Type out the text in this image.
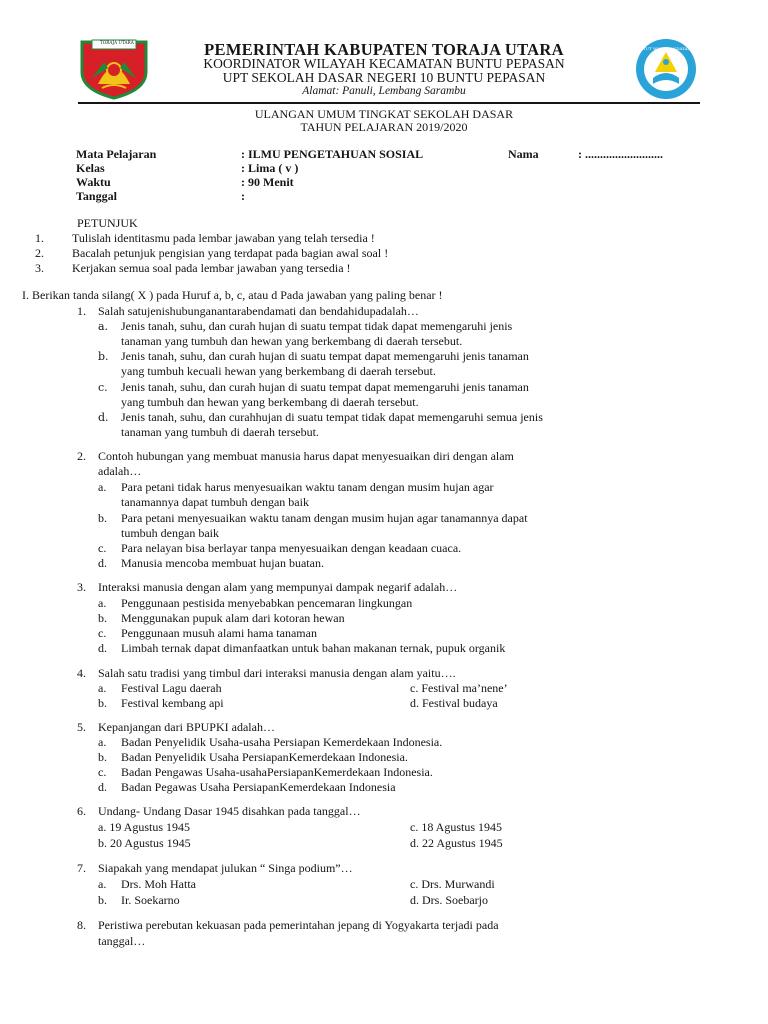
TORAJA UTARA
TUT WURI HANDAYANI
PEMERINTAH KABUPATEN TORAJA UTARA
KOORDINATOR WILAYAH KECAMATAN BUNTU PEPASAN
UPT SEKOLAH DASAR NEGERI 10 BUNTU PEPASAN
Alamat: Panuli, Lembang Sarambu
ULANGAN UMUM TINGKAT SEKOLAH DASAR
TAHUN PELAJARAN 2019/2020
Mata Pelajaran	: ILMU PENGETAHUAN SOSIAL	Nama	: ..........................
Kelas	: Lima ( v )
Waktu	: 90 Menit
Tanggal	:
PETUNJUK
1. Tulislah identitasmu pada lembar jawaban yang telah tersedia !
2. Bacalah petunjuk pengisian yang terdapat pada bagian awal soal !
3. Kerjakan semua soal pada lembar jawaban yang tersedia !
I. Berikan tanda silang( X ) pada Huruf a, b, c, atau d Pada jawaban yang paling benar !
1. Salah satujenishubunganantarabendamati dan bendahidupadalah…
a. Jenis tanah, suhu, dan curah hujan di suatu tempat tidak dapat memengaruhi jenis
tanaman yang tumbuh dan hewan yang berkembang di daerah tersebut.
b. Jenis tanah, suhu, dan curah hujan di suatu tempat dapat memengaruhi jenis tanaman
yang tumbuh kecuali hewan yang berkembang di daerah tersebut.
c. Jenis tanah, suhu, dan curah hujan di suatu tempat dapat memengaruhi jenis tanaman
yang tumbuh dan hewan yang berkembang di daerah tersebut.
d. Jenis tanah, suhu, dan curahhujan di suatu tempat tidak dapat memengaruhi semua jenis
tanaman yang tumbuh di daerah tersebut.
2. Contoh hubungan yang membuat manusia harus dapat menyesuaikan diri dengan alam
adalah…
a. Para petani tidak harus menyesuaikan waktu tanam dengan musim hujan agar
tanamannya dapat tumbuh dengan baik
b. Para petani menyesuaikan waktu tanam dengan musim hujan agar tanamannya dapat
tumbuh dengan baik
c. Para nelayan bisa berlayar tanpa menyesuaikan dengan keadaan cuaca.
d. Manusia mencoba membuat hujan buatan.
3. Interaksi manusia dengan alam yang mempunyai dampak negarif adalah…
a. Penggunaan pestisida menyebabkan pencemaran lingkungan
b. Menggunakan pupuk alam dari kotoran hewan
c. Penggunaan musuh alami hama tanaman
d. Limbah ternak dapat dimanfaatkan untuk bahan makanan ternak, pupuk organik
4. Salah satu tradisi yang timbul dari interaksi manusia dengan alam yaitu….
a. Festival Lagu daerah	c. Festival ma’nene’
b. Festival kembang api	d. Festival budaya
5. Kepanjangan dari BPUPKI adalah…
a. Badan Penyelidik Usaha-usaha Persiapan Kemerdekaan Indonesia.
b. Badan Penyelidik Usaha PersiapanKemerdekaan Indonesia.
c. Badan Pengawas Usaha-usahaPersiapanKemerdekaan Indonesia.
d. Badan Pegawas Usaha PersiapanKemerdekaan Indonesia
6. Undang- Undang Dasar 1945 disahkan pada tanggal…
a. 19 Agustus 1945	c. 18 Agustus 1945
b. 20 Agustus 1945	d. 22 Agustus 1945
7. Siapakah yang mendapat julukan “ Singa podium”…
a. Drs. Moh Hatta	c. Drs. Murwandi
b. Ir. Soekarno	d. Drs. Soebarjo
8. Peristiwa perebutan kekuasan pada pemerintahan jepang di Yogyakarta terjadi pada
tanggal…
